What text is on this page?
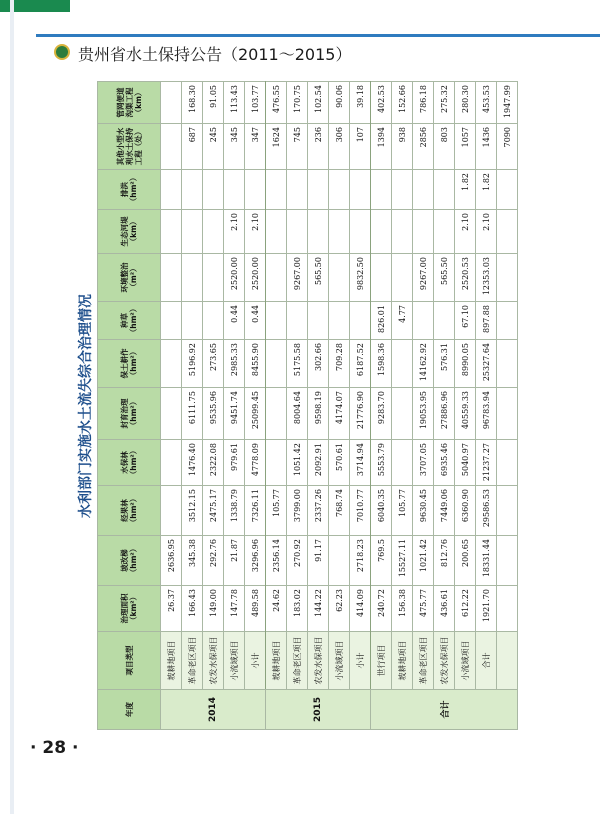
贵州省水土保持公告（2011～2015）
· 28 ·
水利部门实施水土流失综合治理情况
年度	项目类型	治理面积（km²）	坡改梯（hm²）	经果林（hm²）	水保林（hm²）	封育治理（hm²）	保土耕作（hm²）	种草（hm²）	环境整治（m²）	生态河堤（km）	排洪（hm²）	其他小型水利水土保持工程（处）	管网便道沟渠工程（km）
2014	坡耕地项目	26.37	2636.95										
	革命老区项目	166.43	345.38	3512.15	1476.40	6111.75	5196.92					687	168.30
	农发水保项目	149.00	292.76	2475.17	2322.08	9535.96	273.65					245	91.05
	小流域项目	147.78	21.87	1338.79	979.61	9451.74	2985.33	0.44	2520.00	2.10		345	113.43
	小计	489.58	3296.96	7326.11	4778.09	25099.45	8455.90	0.44	2520.00	2.10		347	103.77
2015	坡耕地项目	24.62	2356.14	105.77								1624	476.55
	革命老区项目	183.02	270.92	3799.00	1051.42	8004.64	5175.58		9267.00			745	170.75
	农发水保项目	144.22	91.17	2337.26	2092.91	9598.19	302.66		565.50			236	102.54
	小流域项目	62.23		768.74	570.61	4174.07	709.28					306	90.06
	小计	414.09	2718.23	7010.77	3714.94	21776.90	6187.52		9832.50			107	39.18
合计	世行项目	240.72	769.5	6040.35	5553.79	9283.70	1598.36	826.01				1394	402.53
	坡耕地项目	156.38	15527.11	105.77				4.77				938	152.66
	革命老区项目	475.77	1021.42	9630.45	3707.05	19053.95	14162.92		9267.00			2856	786.18
	农发水保项目	436.61	812.76	7449.06	6935.46	27886.96	576.31		565.50			803	275.32
	小流域项目	612.22	200.65	6360.90	5040.97	40559.33	8990.05	67.10	2520.53	2.10	1.82	1057	280.30
	合计	1921.70	18331.44	29586.53	21237.27	96783.94	25327.64	897.88	12353.03	2.10	1.82	1436	453.53
												7090	1947.99
